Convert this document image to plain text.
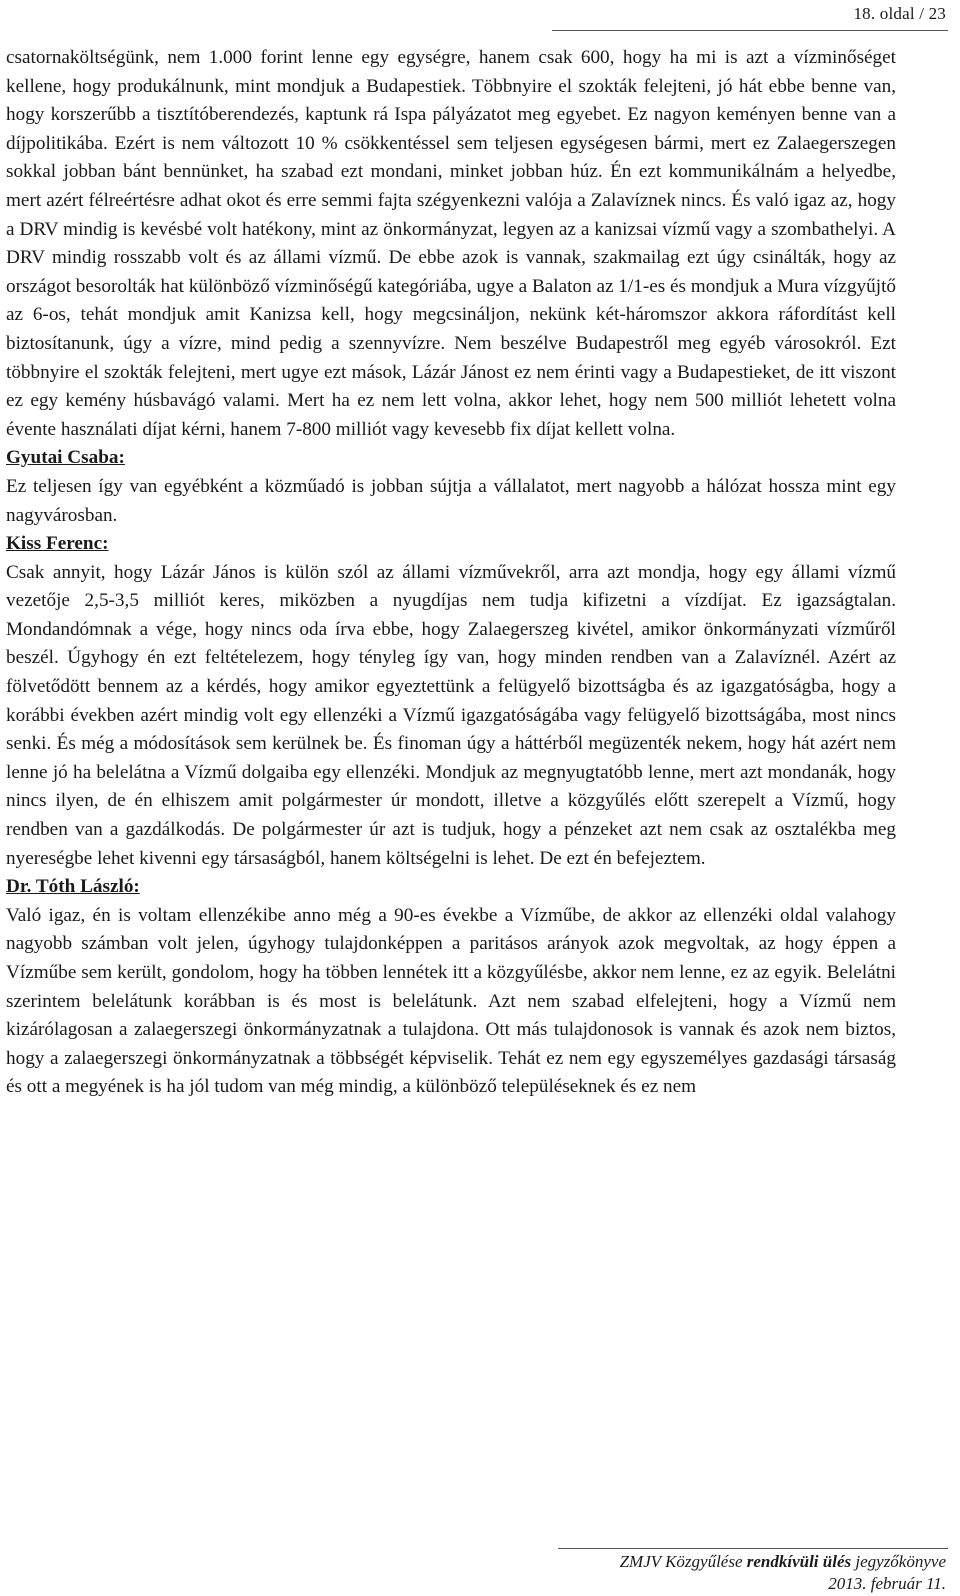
18. oldal / 23

csatornaköltségünk, nem 1.000 forint lenne egy egységre, hanem csak 600, hogy ha mi is azt a vízminőséget kellene, hogy produkálnunk, mint mondjuk a Budapestiek. Többnyire el szokták felejteni, jó hát ebbe benne van, hogy korszerűbb a tisztítóberendezés, kaptunk rá Ispa pályázatot meg egyebet. Ez nagyon keményen benne van a díjpolitikába. Ezért is nem változott 10 % csökkentéssel sem teljesen egységesen bármi, mert ez Zalaegerszegen sokkal jobban bánt bennünket, ha szabad ezt mondani, minket jobban húz. Én ezt kommunikálnám a helyedbe, mert azért félreértésre adhat okot és erre semmi fajta szégyenkezni valója a Zalavíznek nincs. És való igaz az, hogy a DRV mindig is kevésbé volt hatékony, mint az önkormányzat, legyen az a kanizsai vízmű vagy a szombathelyi. A DRV mindig rosszabb volt és az állami vízmű. De ebbe azok is vannak, szakmailag ezt úgy csinálták, hogy az országot besorolták hat különböző vízminőségű kategóriába, ugye a Balaton az 1/1-es és mondjuk a Mura vízgyűjtő az 6-os, tehát mondjuk amit Kanizsa kell, hogy megcsináljon, nekünk két-háromszor akkora ráfordítást kell biztosítanunk, úgy a vízre, mind pedig a szennyvízre. Nem beszélve Budapestről meg egyéb városokról. Ezt többnyire el szokták felejteni, mert ugye ezt mások, Lázár Jánost ez nem érinti vagy a Budapestieket, de itt viszont ez egy kemény húsbavágó valami. Mert ha ez nem lett volna, akkor lehet, hogy nem 500 milliót lehetett volna évente használati díjat kérni, hanem 7-800 milliót vagy kevesebb fix díjat kellett volna.

Gyutai Csaba:

Ez teljesen így van egyébként a közműadó is jobban sújtja a vállalatot, mert nagyobb a hálózat hossza mint egy nagyvárosban.

Kiss Ferenc:

Csak annyit, hogy Lázár János is külön szól az állami vízművekről, arra azt mondja, hogy egy állami vízmű vezetője 2,5-3,5 milliót keres, miközben a nyugdíjas nem tudja kifizetni a vízdíjat. Ez igazságtalan. Mondandómnak a vége, hogy nincs oda írva ebbe, hogy Zalaegerszeg kivétel, amikor önkormányzati vízműről beszél. Úgyhogy én ezt feltételezem, hogy tényleg így van, hogy minden rendben van a Zalavíznél. Azért az fölvetődött bennem az a kérdés, hogy amikor egyeztettünk a felügyelő bizottságba és az igazgatóságba, hogy a korábbi években azért mindig volt egy ellenzéki a Vízmű igazgatóságába vagy felügyelő bizottságába, most nincs senki. És még a módosítások sem kerülnek be. És finoman úgy a háttérből megüzenték nekem, hogy hát azért nem lenne jó ha belelátna a Vízmű dolgaiba egy ellenzéki. Mondjuk az megnyugtatóbb lenne, mert azt mondanák, hogy nincs ilyen, de én elhiszem amit polgármester úr mondott, illetve a közgyűlés előtt szerepelt a Vízmű, hogy rendben van a gazdálkodás. De polgármester úr azt is tudjuk, hogy a pénzeket azt nem csak az osztalékba meg nyereségbe lehet kivenni egy társaságból, hanem költségelni is lehet. De ezt én befejeztem.

Dr. Tóth László:

Való igaz, én is voltam ellenzékibe anno még a 90-es évekbe a Vízműbe, de akkor az ellenzéki oldal valahogy nagyobb számban volt jelen, úgyhogy tulajdonképpen a paritásos arányok azok megvoltak, az hogy éppen a Vízműbe sem került, gondolom, hogy ha többen lennétek itt a közgyűlésbe, akkor nem lenne, ez az egyik. Belelátni szerintem belelátunk korábban is és most is belelátunk. Azt nem szabad elfelejteni, hogy a Vízmű nem kizárólagosan a zalaegerszegi önkormányzatnak a tulajdona. Ott más tulajdonosok is vannak és azok nem biztos, hogy a zalaegerszegi önkormányzatnak a többségét képviselik. Tehát ez nem egy egyszemélyes gazdasági társaság és ott a megyének is ha jól tudom van még mindig, a különböző településeknek és ez nem

ZMJV Közgyűlése rendkívüli ülés jegyzőkönyve
2013. február 11.
